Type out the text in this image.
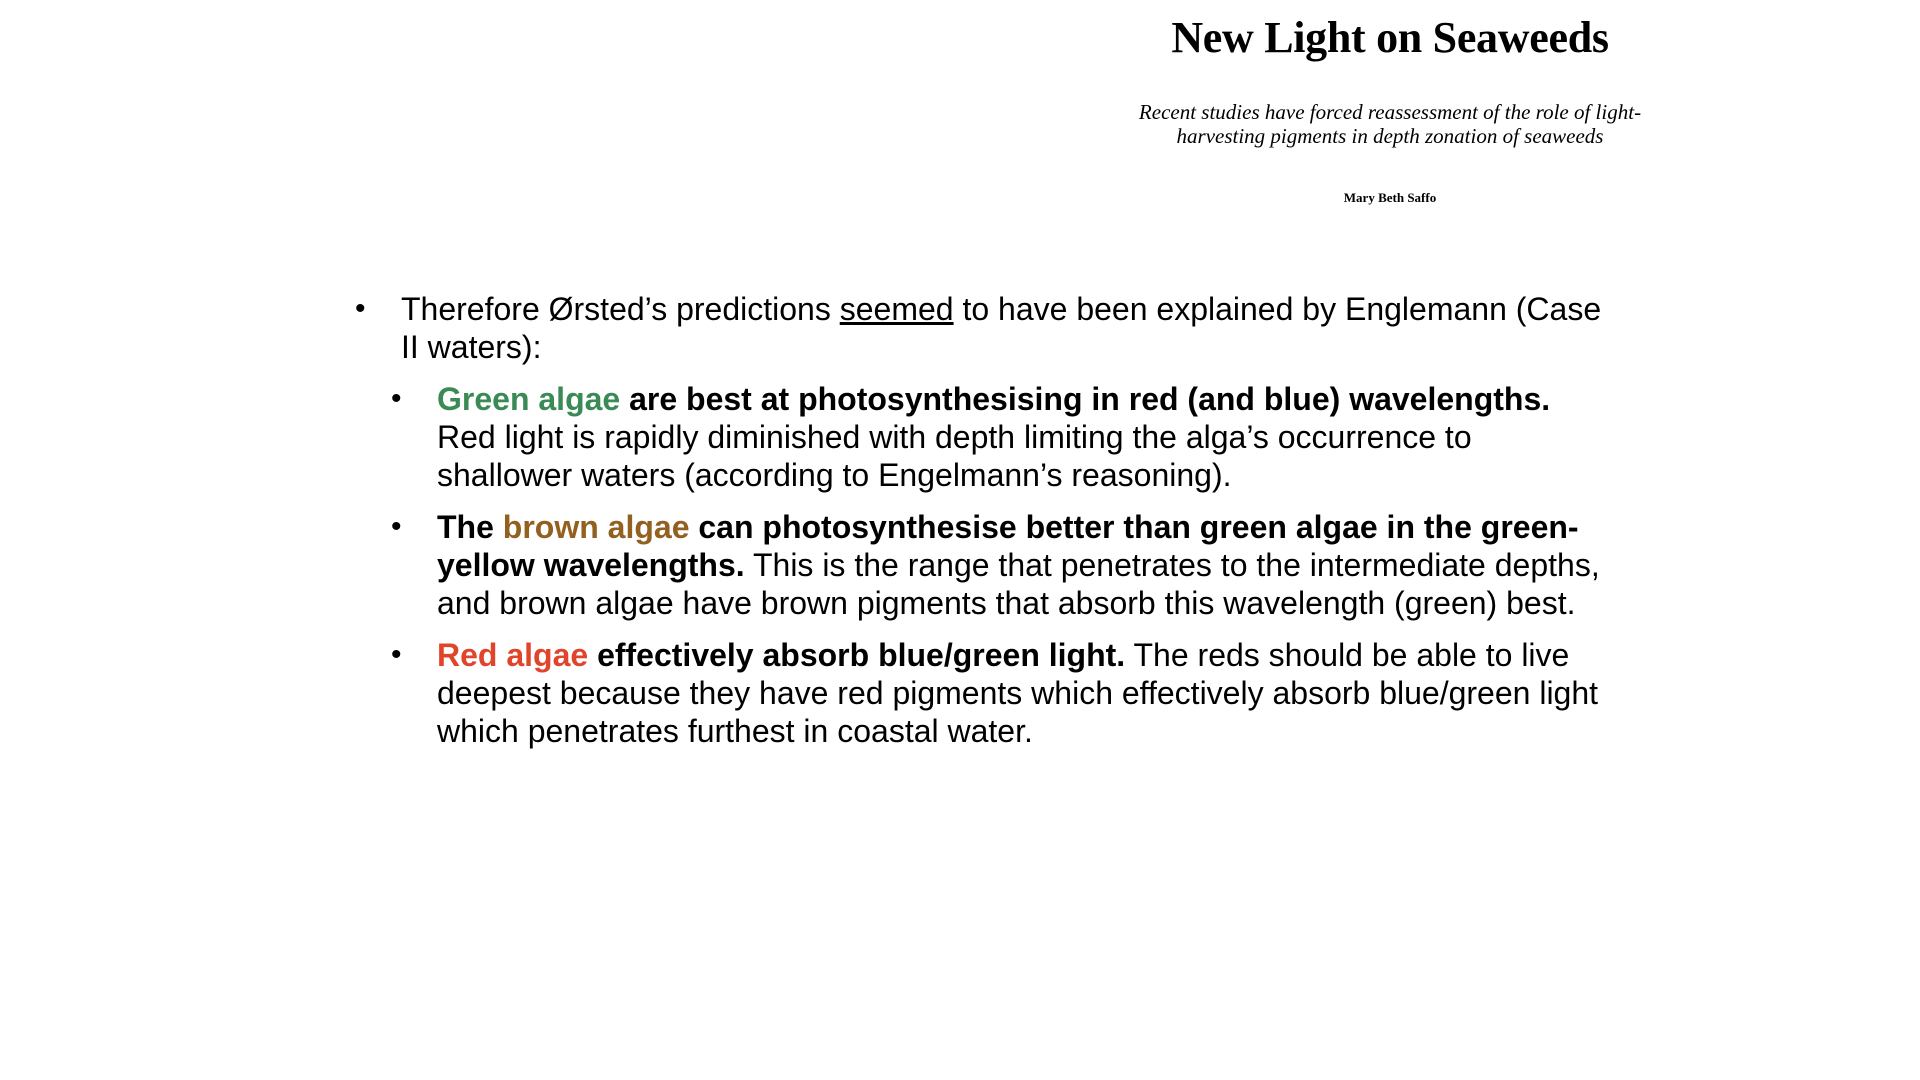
New Light on Seaweeds
Recent studies have forced reassessment of the role of light-harvesting pigments in depth zonation of seaweeds
Mary Beth Saffo
•	Therefore Ørsted’s predictions seemed to have been explained by Englemann (Case II waters):
•	Green algae are best at photosynthesising in red (and blue) wavelengths. Red light is rapidly diminished with depth limiting the alga’s occurrence to shallower waters (according to Engelmann’s reasoning).
•	The brown algae can photosynthesise better than green algae in the green-yellow wavelengths. This is the range that penetrates to the intermediate depths, and brown algae have brown pigments that absorb this wavelength (green) best.
•	Red algae effectively absorb blue/green light. The reds should be able to live deepest because they have red pigments which effectively absorb blue/green light which penetrates furthest in coastal water.
